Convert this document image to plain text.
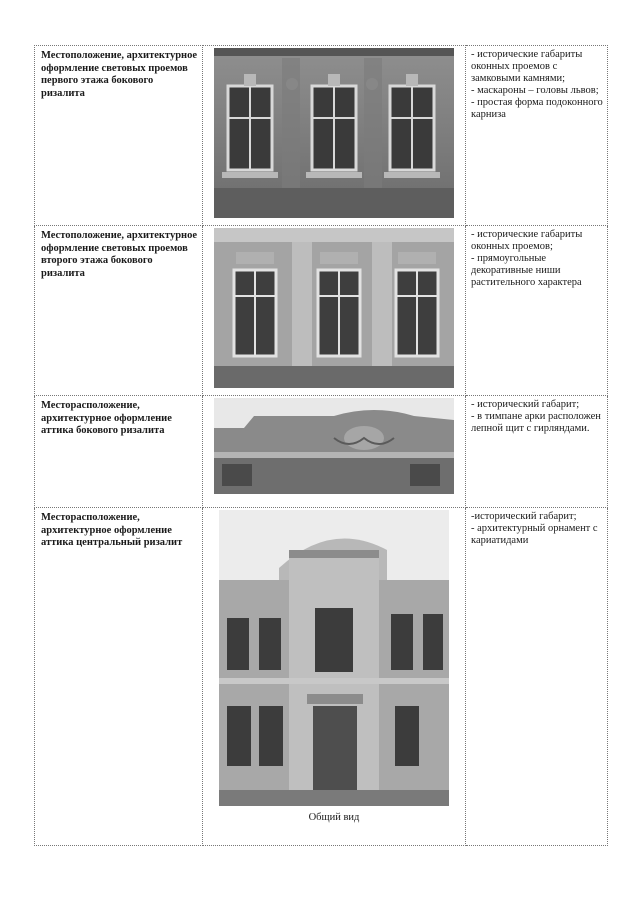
Местоположение, архитектурное оформление световых проемов первого этажа бокового ризалита		- исторические габариты оконных проемов с замковыми камнями;
- маскароны – головы львов;
- простая форма подоконного карниза

Местоположение, архитектурное оформление световых проемов второго этажа бокового ризалита		- исторические габариты оконных проемов;
- прямоугольные декоративные ниши растительного характера

Месторасположение, архитектурное оформление аттика бокового ризалита		- исторический габарит;
- в тимпане арки расположен лепной щит с гирляндами.

Месторасположение, архитектурное оформление аттика центральный ризалит	Общий вид	-исторический габарит;
- архитектурный орнамент с кариатидами
